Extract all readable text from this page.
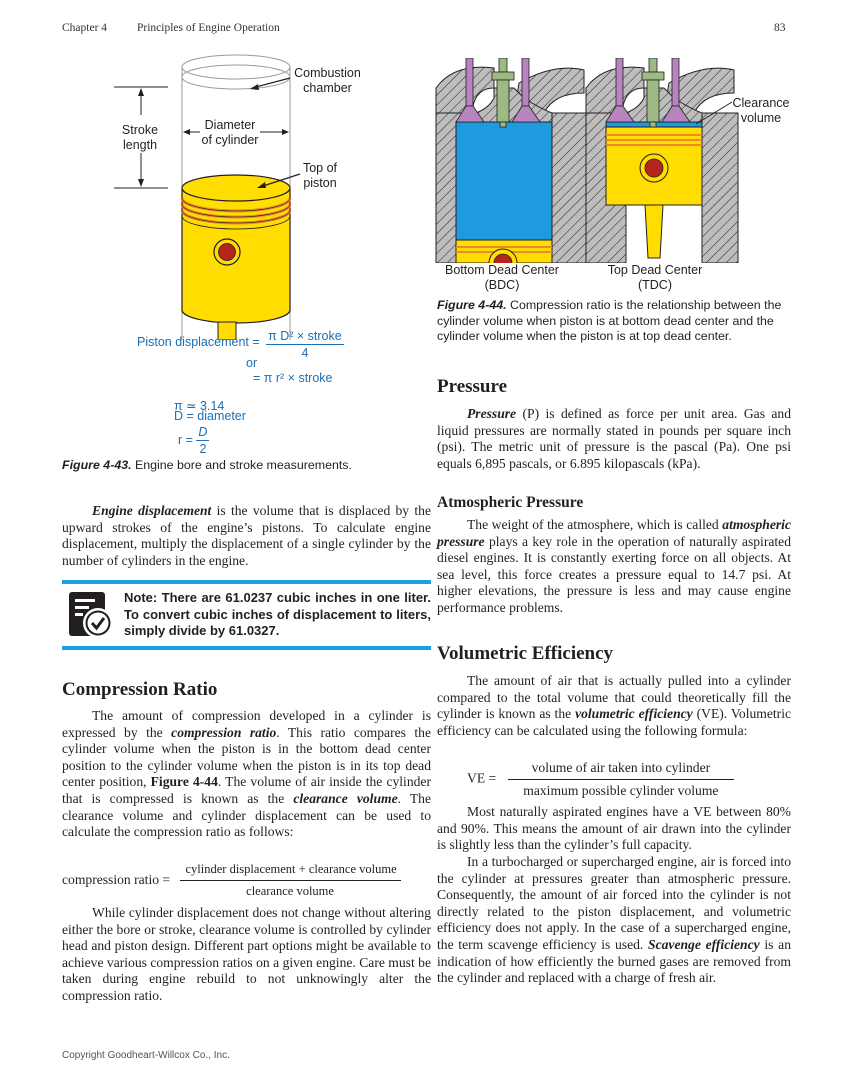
Chapter 4	Principles of Engine Operation	83
Combustion
chamber
Stroke
length
Diameter
of cylinder
Top of
piston
Piston displacement = $\frac{\text{π D² × stroke}}{4}$
or
= π r² × stroke
π ≃ 3.14
D = diameter
$r = \frac{D}{2}$
Figure 4-43. Engine bore and stroke measurements.
Clearance
volume
Bottom Dead Center
(BDC)
Top Dead Center
(TDC)
Figure 4-44. Compression ratio is the relationship between the cylinder volume when piston is at bottom dead center and the cylinder volume when the piston is at top dead center.
Engine displacement is the volume that is displaced by the upward strokes of the engine’s pistons. To calculate engine displacement, multiply the displacement of a single cylinder by the number of cylinders in the engine.
Note: There are 61.0237 cubic inches in one liter. To convert cubic inches of displacement to liters, simply divide by 61.0327.
Compression Ratio
The amount of compression developed in a cylinder is expressed by the compression ratio. This ratio compares the cylinder volume when the piston is in the bottom dead center position to the cylinder volume when the piston is in its top dead center position, Figure 4-44. The volume of air inside the cylinder that is compressed is known as the clearance volume. The clearance volume and cylinder displacement can be used to calculate the compression ratio as follows:
compression ratio = $\frac{\text{cylinder displacement + clearance volume}}{\text{clearance volume}}$
While cylinder displacement does not change without altering either the bore or stroke, clearance volume is controlled by cylinder head and piston design. Different part options might be available to achieve various compression ratios on a given engine. Care must be taken during engine rebuild to not unknowingly alter the compression ratio.
Pressure
Pressure (P) is defined as force per unit area. Gas and liquid pressures are normally stated in pounds per square inch (psi). The metric unit of pressure is the pascal (Pa). One psi equals 6,895 pascals, or 6.895 kilopascals (kPa).
Atmospheric Pressure
The weight of the atmosphere, which is called atmospheric pressure plays a key role in the operation of naturally aspirated diesel engines. It is constantly exerting force on all objects. At sea level, this force creates a pressure equal to 14.7 psi. At higher elevations, the pressure is less and may cause engine performance problems.
Volumetric Efficiency
The amount of air that is actually pulled into a cylinder compared to the total volume that could theoretically fill the cylinder is known as the volumetric efficiency (VE). Volumetric efficiency can be calculated using the following formula:
VE = $\frac{\text{volume of air taken into cylinder}}{\text{maximum possible cylinder volume}}$
Most naturally aspirated engines have a VE between 80% and 90%. This means the amount of air drawn into the cylinder is slightly less than the cylinder’s full capacity.
In a turbocharged or supercharged engine, air is forced into the cylinder at pressures greater than atmospheric pressure. Consequently, the amount of air forced into the cylinder is not directly related to the piston displacement, and volumetric efficiency does not apply. In the case of a supercharged engine, the term scavenge efficiency is used. Scavenge efficiency is an indication of how efficiently the burned gases are removed from the cylinder and replaced with a charge of fresh air.
Copyright Goodheart-Willcox Co., Inc.
